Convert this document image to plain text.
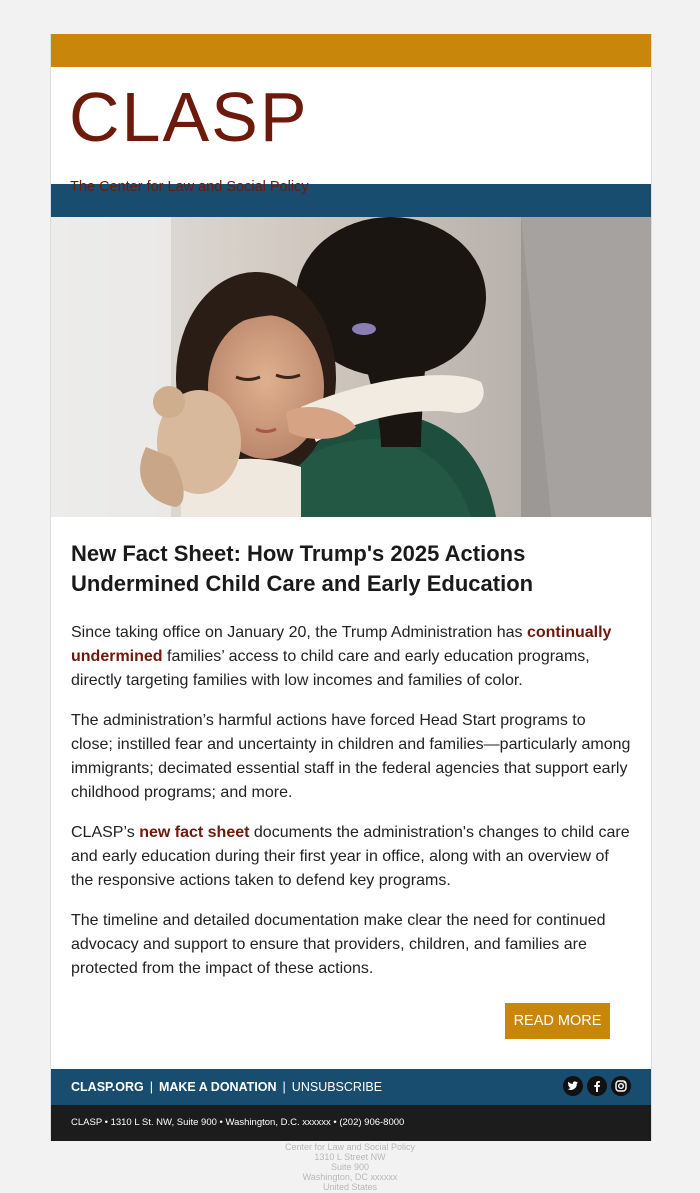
CLASP
The Center for Law and Social Policy
New Fact Sheet: How Trump's 2025 Actions Undermined Child Care and Early Education

Since taking office on January 20, the Trump Administration has continually undermined families’ access to child care and early education programs, directly targeting families with low incomes and families of color.

The administration’s harmful actions have forced Head Start programs to close; instilled fear and uncertainty in children and families—particularly among immigrants; decimated essential staff in the federal agencies that support early childhood programs; and more.

CLASP’s new fact sheet documents the administration's changes to child care and early education during their first year in office, along with an overview of the responsive actions taken to defend key programs.

The timeline and detailed documentation make clear the need for continued advocacy and support to ensure that providers, children, and families are protected from the impact of these actions.

READ MORE
CLASP.ORG | MAKE A DONATION | UNSUBSCRIBE
CLASP • 1310 L St. NW, Suite 900 • Washington, D.C. xxxxxx • (202) 906-8000
Center for Law and Social Policy
1310 L Street NW
Suite 900
Washington, DC xxxxxx
United States
